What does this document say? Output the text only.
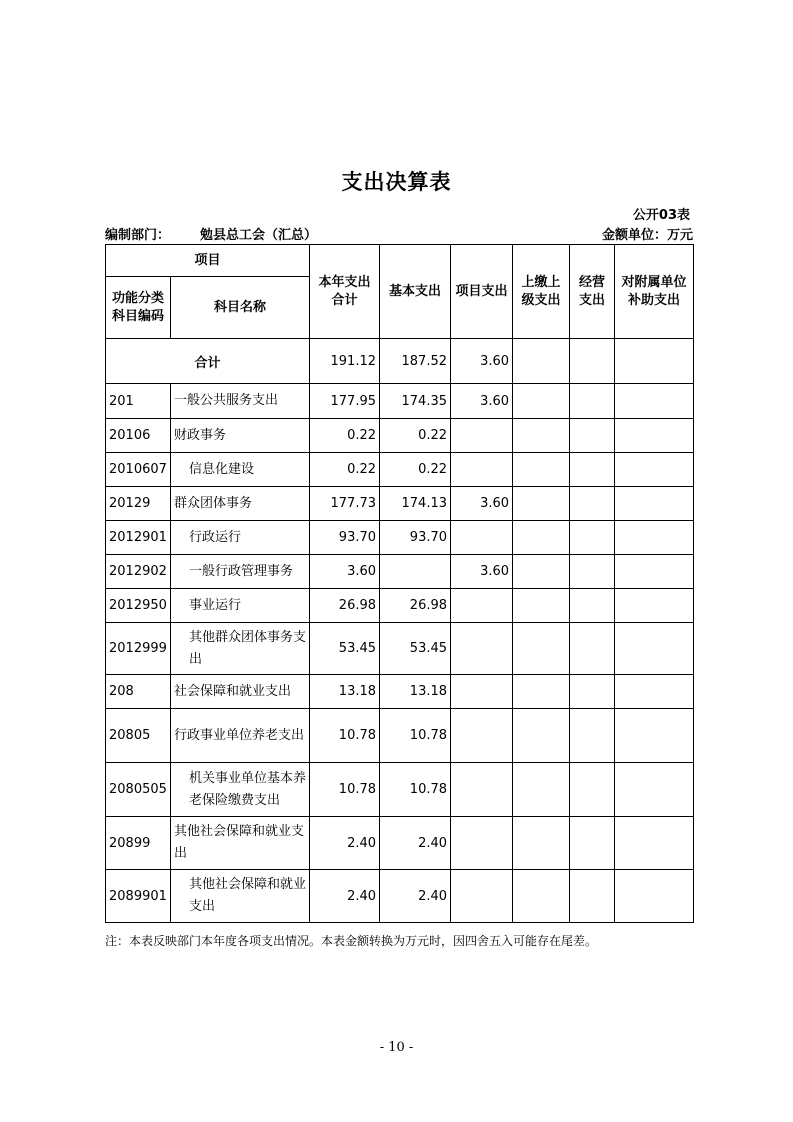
支出决算表
公开03表
编制部门： 勉县总工会（汇总）	金额单位：万元
项目		本年支出合计	基本支出	项目支出	上缴上级支出	经营支出	对附属单位补助支出
功能分类科目编码	科目名称						
合计		191.12	187.52	3.60			
201	一般公共服务支出	177.95	174.35	3.60			
20106	财政事务	0.22	0.22				
2010607	信息化建设	0.22	0.22				
20129	群众团体事务	177.73	174.13	3.60			
2012901	行政运行	93.70	93.70				
2012902	一般行政管理事务	3.60		3.60			
2012950	事业运行	26.98	26.98				
2012999	其他群众团体事务支出	53.45	53.45				
208	社会保障和就业支出	13.18	13.18				
20805	行政事业单位养老支出	10.78	10.78				
2080505	机关事业单位基本养老保险缴费支出	10.78	10.78				
20899	其他社会保障和就业支出	2.40	2.40				
2089901	其他社会保障和就业支出	2.40	2.40				
注：本表反映部门本年度各项支出情况。本表金额转换为万元时，因四舍五入可能存在尾差。
- 10 -
